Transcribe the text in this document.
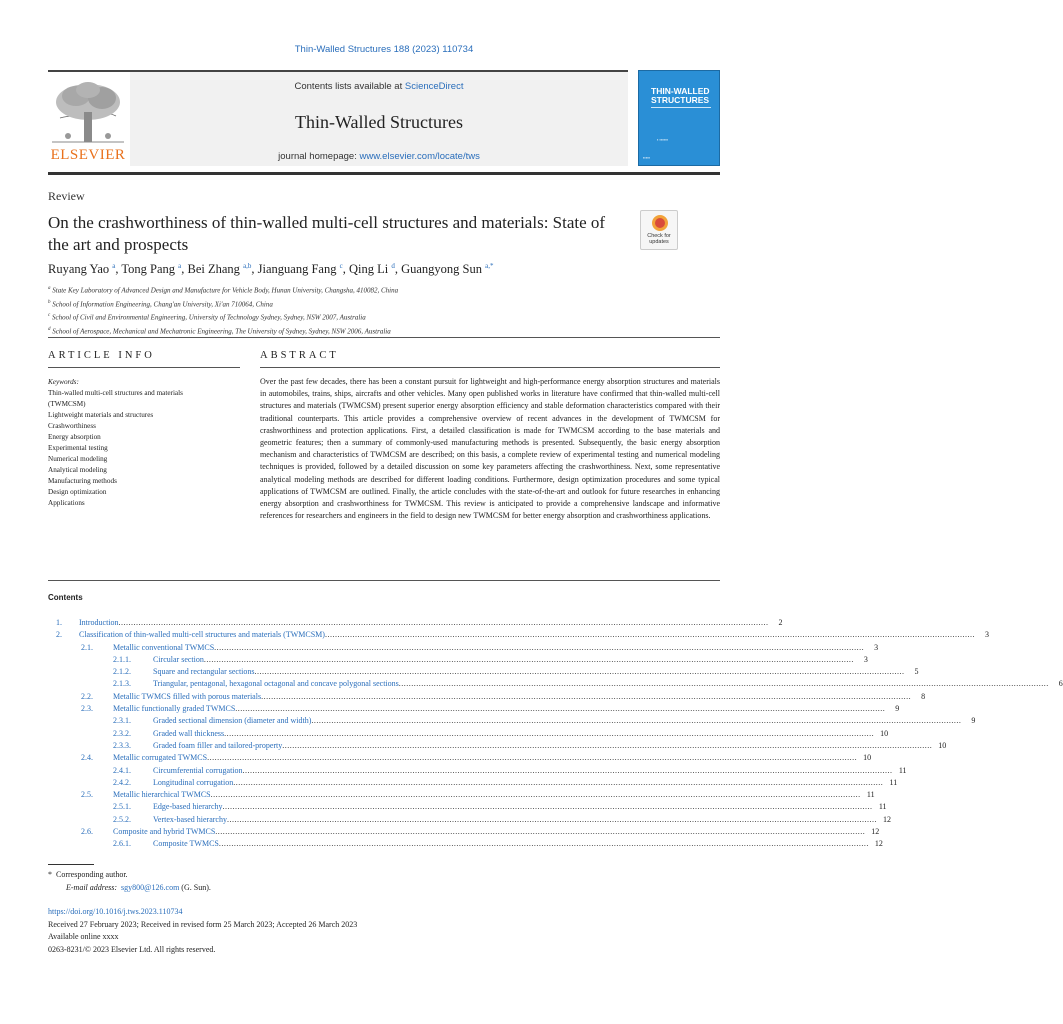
Thin-Walled Structures 188 (2023) 110734
ELSEVIER
Contents lists available at ScienceDirect
Thin-Walled Structures
journal homepage: www.elsevier.com/locate/tws
THIN-WALLED
STRUCTURES
▪ ▪▪▪▪▪▪
▪▪▪▪▪
Review
On the crashworthiness of thin-walled multi-cell structures and materials: State of the art and prospects	Check for
updates
Ruyang Yao $^a$, Tong Pang $^a$, Bei Zhang $^{a,b}$, Jianguang Fang $^c$, Qing Li $^d$, Guangyong Sun $^{a,*}$
$^a$ State Key Laboratory of Advanced Design and Manufacture for Vehicle Body, Hunan University, Changsha, 410082, China
$^b$ School of Information Engineering, Chang'an University, Xi'an 710064, China
$^c$ School of Civil and Environmental Engineering, University of Technology Sydney, Sydney, NSW 2007, Australia
$^d$ School of Aerospace, Mechanical and Mechatronic Engineering, The University of Sydney, Sydney, NSW 2006, Australia
ARTICLE INFO	ABSTRACT
Keywords:
Thin-walled multi-cell structures and materials
(TWMCSM)
Lightweight materials and structures
Crashworthiness
Energy absorption
Experimental testing
Numerical modeling
Analytical modeling
Manufacturing methods
Design optimization
Applications
Over the past few decades, there has been a constant pursuit for lightweight and high-performance energy absorption structures and materials in automobiles, trains, ships, aircrafts and other vehicles. Many open published works in literature have confirmed that thin-walled multi-cell structures and materials (TWMCSM) present superior energy absorption efficiency and stable deformation characteristics compared with their traditional counterparts. This article provides a comprehensive overview of recent advances in the development of TWMCSM for crashworthiness and protection applications. First, a detailed classification is made for TWMCSM according to the base materials and geometric features; then a summary of commonly-used manufacturing methods is presented. Subsequently, the basic energy absorption mechanism and characteristics of TWMCSM are described; on this basis, a complete review of experimental testing and numerical modeling techniques is provided, followed by a detailed discussion on some key parameters affecting the crashworthiness. Next, some representative analytical modeling methods are described for different loading conditions. Furthermore, design optimization procedures and some typical applications of TWMCSM are outlined. Finally, the article concludes with the state-of-the-art and outlook for future researches in enhancing energy absorption and crashworthiness for TWMCSM. This review is anticipated to provide a comprehensive landscape and informative references for researchers and engineers in the field to design new TWMCSM for better energy absorption and crashworthiness applications.
Contents
1. Introduction ....................................................................................................................................................................................................................................................................	2
2. Classification of thin-walled multi-cell structures and materials (TWMCSM) ....................................................................................................................................................................................................................................................................	3
2.1.	Metallic conventional TWMCS ....................................................................................................................................................................................................................................................................	3
2.1.1.	Circular section ....................................................................................................................................................................................................................................................................	3
2.1.2.	Square and rectangular sections ....................................................................................................................................................................................................................................................................	5
2.1.3.	Triangular, pentagonal, hexagonal octagonal and concave polygonal sections ....................................................................................................................................................................................................................................................................	6
2.2.	Metallic TWMCS filled with porous materials ....................................................................................................................................................................................................................................................................	8
2.3.	Metallic functionally graded TWMCS ....................................................................................................................................................................................................................................................................	9
2.3.1.	Graded sectional dimension (diameter and width) ....................................................................................................................................................................................................................................................................	9
2.3.2.	Graded wall thickness .................................................................................................................................................................................................................................................................... 10
2.3.3.	Graded foam filler and tailored-property .................................................................................................................................................................................................................................................................... 10
2.4.	Metallic corrugated TWMCS .................................................................................................................................................................................................................................................................... 10
2.4.1.	Circumferential corrugation .................................................................................................................................................................................................................................................................... 11
2.4.2.	Longitudinal corrugation .................................................................................................................................................................................................................................................................... 11
2.5.	Metallic hierarchical TWMCS .................................................................................................................................................................................................................................................................... 11
2.5.1.	Edge-based hierarchy .................................................................................................................................................................................................................................................................... 11
2.5.2.	Vertex-based hierarchy .................................................................................................................................................................................................................................................................... 12
2.6.	Composite and hybrid TWMCS .................................................................................................................................................................................................................................................................... 12
2.6.1.	Composite TWMCS .................................................................................................................................................................................................................................................................... 12
* Corresponding author.
E-mail address: sgy800@126.com (G. Sun).
https://doi.org/10.1016/j.tws.2023.110734
Received 27 February 2023; Received in revised form 25 March 2023; Accepted 26 March 2023
Available online xxxx
0263-8231/© 2023 Elsevier Ltd. All rights reserved.
